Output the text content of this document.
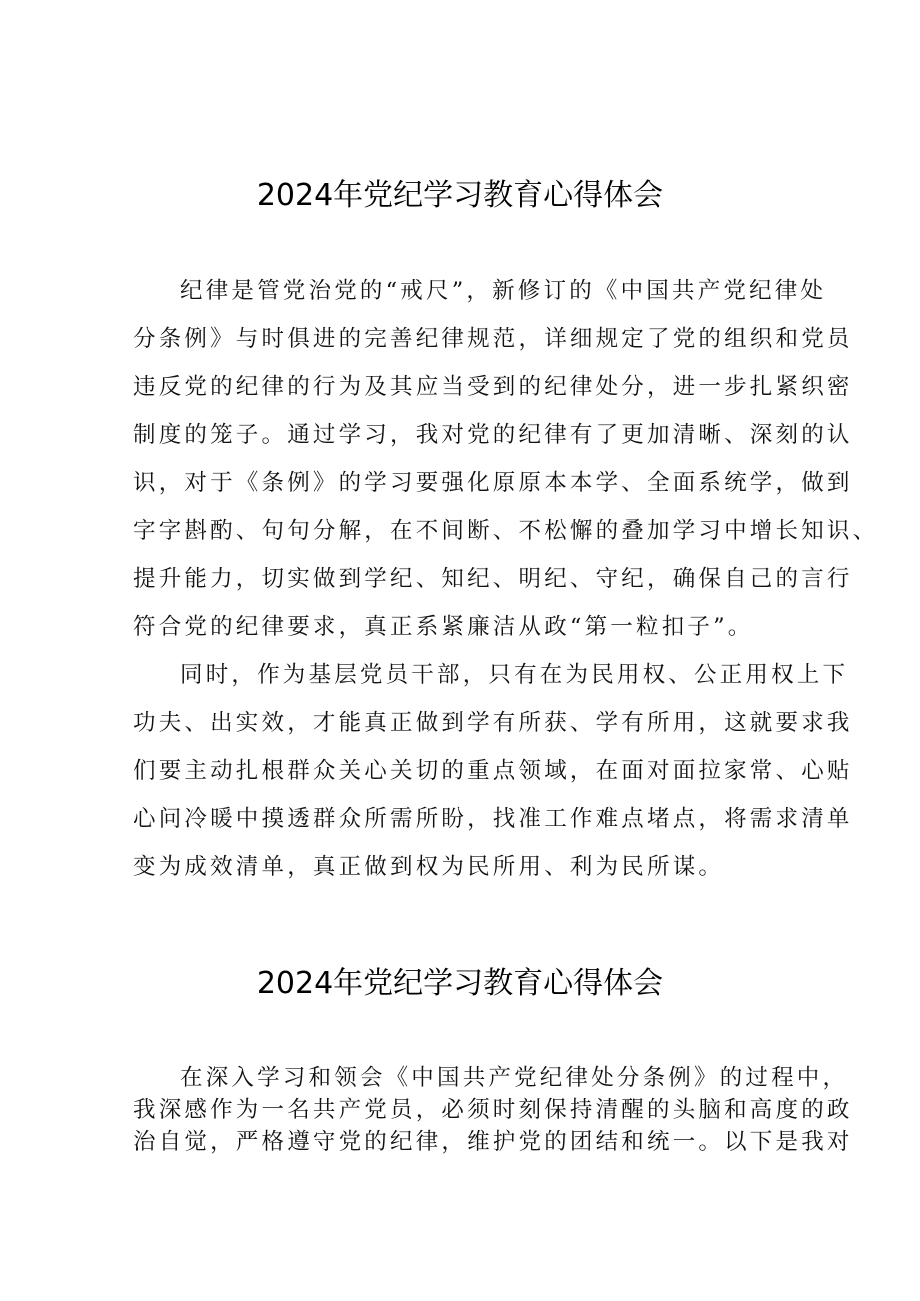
2024年党纪学习教育心得体会

纪律是管党治党的“戒尺”，新修订的《中国共产党纪律处

分条例》与时俱进的完善纪律规范，详细规定了党的组织和党员

违反党的纪律的行为及其应当受到的纪律处分，进一步扎紧织密

制度的笼子。通过学习，我对党的纪律有了更加清晰、深刻的认

识，对于《条例》的学习要强化原原本本学、全面系统学，做到

字字斟酌、句句分解，在不间断、不松懈的叠加学习中增长知识、

提升能力，切实做到学纪、知纪、明纪、守纪，确保自己的言行

符合党的纪律要求，真正系紧廉洁从政“第一粒扣子”。

同时，作为基层党员干部，只有在为民用权、公正用权上下

功夫、出实效，才能真正做到学有所获、学有所用，这就要求我

们要主动扎根群众关心关切的重点领域，在面对面拉家常、心贴

心问冷暖中摸透群众所需所盼，找准工作难点堵点，将需求清单

变为成效清单，真正做到权为民所用、利为民所谋。

2024年党纪学习教育心得体会

在深入学习和领会《中国共产党纪律处分条例》的过程中，

我深感作为一名共产党员，必须时刻保持清醒的头脑和高度的政

治自觉，严格遵守党的纪律，维护党的团结和统一。以下是我对
